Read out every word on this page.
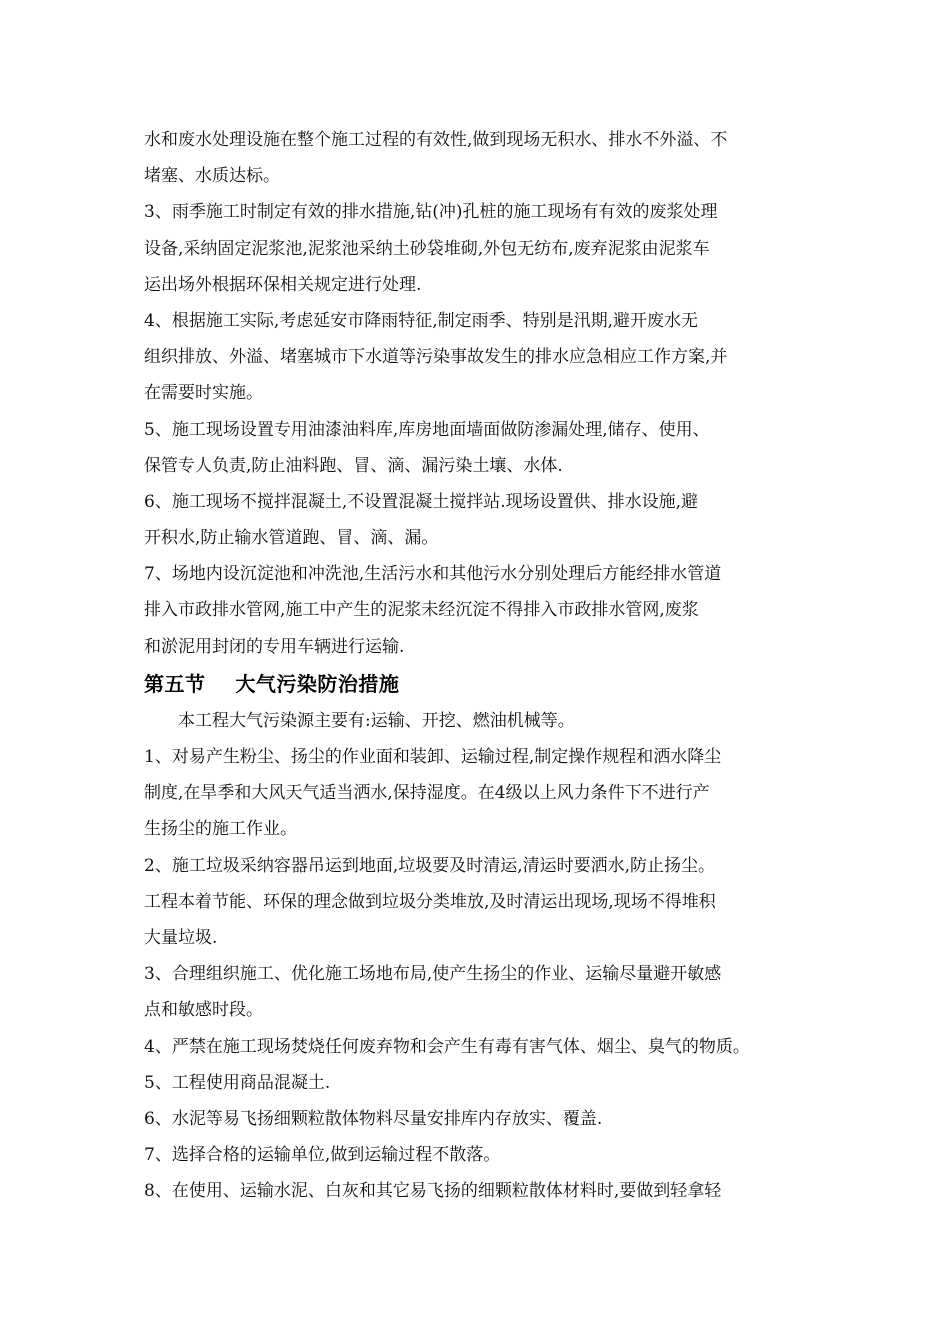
水和废水处理设施在整个施工过程的有效性,做到现场无积水、排水不外溢、不
堵塞、水质达标。
3、雨季施工时制定有效的排水措施,钻(冲)孔桩的施工现场有有效的废浆处理
设备,采纳固定泥浆池,泥浆池采纳土砂袋堆砌,外包无纺布,废弃泥浆由泥浆车
运出场外根据环保相关规定进行处理.
4、根据施工实际,考虑延安市降雨特征,制定雨季、特别是汛期,避开废水无
组织排放、外溢、堵塞城市下水道等污染事故发生的排水应急相应工作方案,并
在需要时实施。
5、施工现场设置专用油漆油料库,库房地面墙面做防渗漏处理,储存、使用、
保管专人负责,防止油料跑、冒、滴、漏污染土壤、水体.
6、施工现场不搅拌混凝土,不设置混凝土搅拌站.现场设置供、排水设施,避
开积水,防止输水管道跑、冒、滴、漏。
7、场地内设沉淀池和冲洗池,生活污水和其他污水分别处理后方能经排水管道
排入市政排水管网,施工中产生的泥浆未经沉淀不得排入市政排水管网,废浆
和淤泥用封闭的专用车辆进行运输.
第五节    大气污染防治措施
本工程大气污染源主要有:运输、开挖、燃油机械等。
1、对易产生粉尘、扬尘的作业面和装卸、运输过程,制定操作规程和洒水降尘
制度,在旱季和大风天气适当洒水,保持湿度。在4级以上风力条件下不进行产
生扬尘的施工作业。
2、施工垃圾采纳容器吊运到地面,垃圾要及时清运,清运时要洒水,防止扬尘。
工程本着节能、环保的理念做到垃圾分类堆放,及时清运出现场,现场不得堆积
大量垃圾.
3、合理组织施工、优化施工场地布局,使产生扬尘的作业、运输尽量避开敏感
点和敏感时段。
4、严禁在施工现场焚烧任何废弃物和会产生有毒有害气体、烟尘、臭气的物质。
5、工程使用商品混凝土.
6、水泥等易飞扬细颗粒散体物料尽量安排库内存放实、覆盖.
7、选择合格的运输单位,做到运输过程不散落。
8、在使用、运输水泥、白灰和其它易飞扬的细颗粒散体材料时,要做到轻拿轻
